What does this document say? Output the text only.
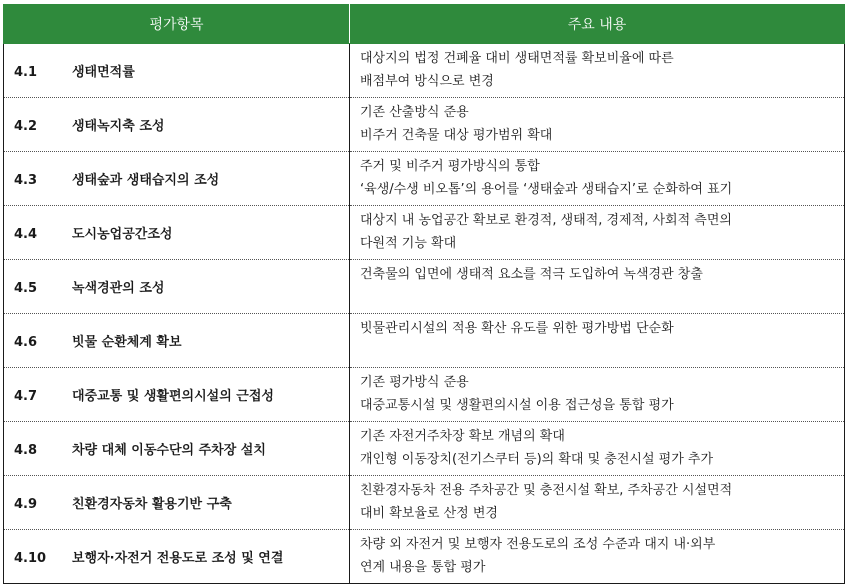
평가항목	주요 내용
4.1 생태면적률	대상지의 법정 건폐율 대비 생태면적률 확보비율에 따른
배점부여 방식으로 변경

4.2 생태녹지축 조성	기존 산출방식 준용
비주거 건축물 대상 평가범위 확대

4.3 생태숲과 생태습지의 조성	주거 및 비주거 평가방식의 통합
‘육생/수생 비오톱’의 용어를 ‘생태숲과 생태습지’로 순화하여 표기

4.4 도시농업공간조성	대상지 내 농업공간 확보로 환경적, 생태적, 경제적, 사회적 측면의
다원적 기능 확대

4.5 녹색경관의 조성	건축물의 입면에 생태적 요소를 적극 도입하여 녹색경관 창출

4.6 빗물 순환체계 확보	빗물관리시설의 적용 확산 유도를 위한 평가방법 단순화

4.7 대중교통 및 생활편의시설의 근접성	기존 평가방식 준용
대중교통시설 및 생활편의시설 이용 접근성을 통합 평가

4.8 차량 대체 이동수단의 주차장 설치	기존 자전거주차장 확보 개념의 확대
개인형 이동장치(전기스쿠터 등)의 확대 및 충전시설 평가 추가

4.9 친환경자동차 활용기반 구축	친환경자동차 전용 주차공간 및 충전시설 확보, 주차공간 시설면적
대비 확보율로 산정 변경

4.10 보행자·자전거 전용도로 조성 및 연결	차량 외 자전거 및 보행자 전용도로의 조성 수준과 대지 내·외부
연계 내용을 통합 평가
